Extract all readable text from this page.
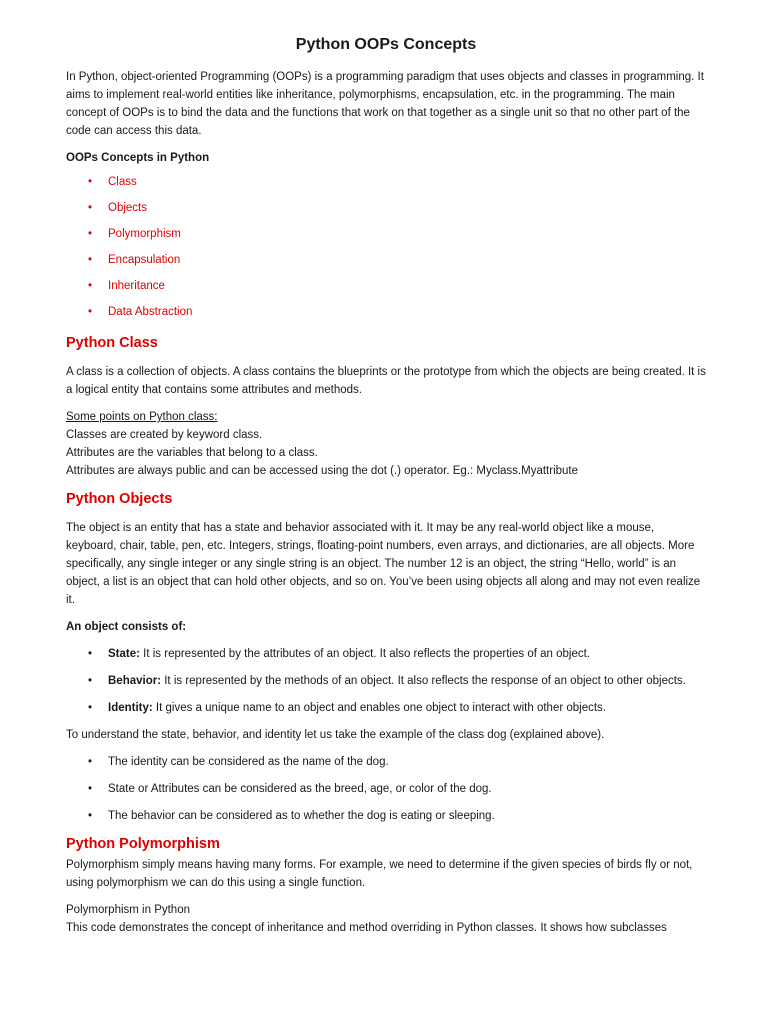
Python OOPs Concepts

In Python, object-oriented Programming (OOPs) is a programming paradigm that uses objects and classes in programming. It aims to implement real-world entities like inheritance, polymorphisms, encapsulation, etc. in the programming. The main concept of OOPs is to bind the data and the functions that work on that together as a single unit so that no other part of the code can access this data.

OOPs Concepts in Python

• Class
• Objects
• Polymorphism
• Encapsulation
• Inheritance
• Data Abstraction
Python Class

A class is a collection of objects. A class contains the blueprints or the prototype from which the objects are being created. It is a logical entity that contains some attributes and methods.

Some points on Python class:

Classes are created by keyword class.

Attributes are the variables that belong to a class.

Attributes are always public and can be accessed using the dot (.) operator. Eg.: Myclass.Myattribute

Python Objects

The object is an entity that has a state and behavior associated with it. It may be any real-world object like a mouse, keyboard, chair, table, pen, etc. Integers, strings, floating-point numbers, even arrays, and dictionaries, are all objects. More specifically, any single integer or any single string is an object. The number 12 is an object, the string “Hello, world” is an object, a list is an object that can hold other objects, and so on. You’ve been using objects all along and may not even realize it.

An object consists of:

• State: It is represented by the attributes of an object. It also reflects the properties of an object.
• Behavior: It is represented by the methods of an object. It also reflects the response of an object to other objects.
• Identity: It gives a unique name to an object and enables one object to interact with other objects.

To understand the state, behavior, and identity let us take the example of the class dog (explained above).

• The identity can be considered as the name of the dog.
• State or Attributes can be considered as the breed, age, or color of the dog.
• The behavior can be considered as to whether the dog is eating or sleeping.
Python Polymorphism

Polymorphism simply means having many forms. For example, we need to determine if the given species of birds fly or not, using polymorphism we can do this using a single function.

Polymorphism in Python

This code demonstrates the concept of inheritance and method overriding in Python classes. It shows how subclasses
